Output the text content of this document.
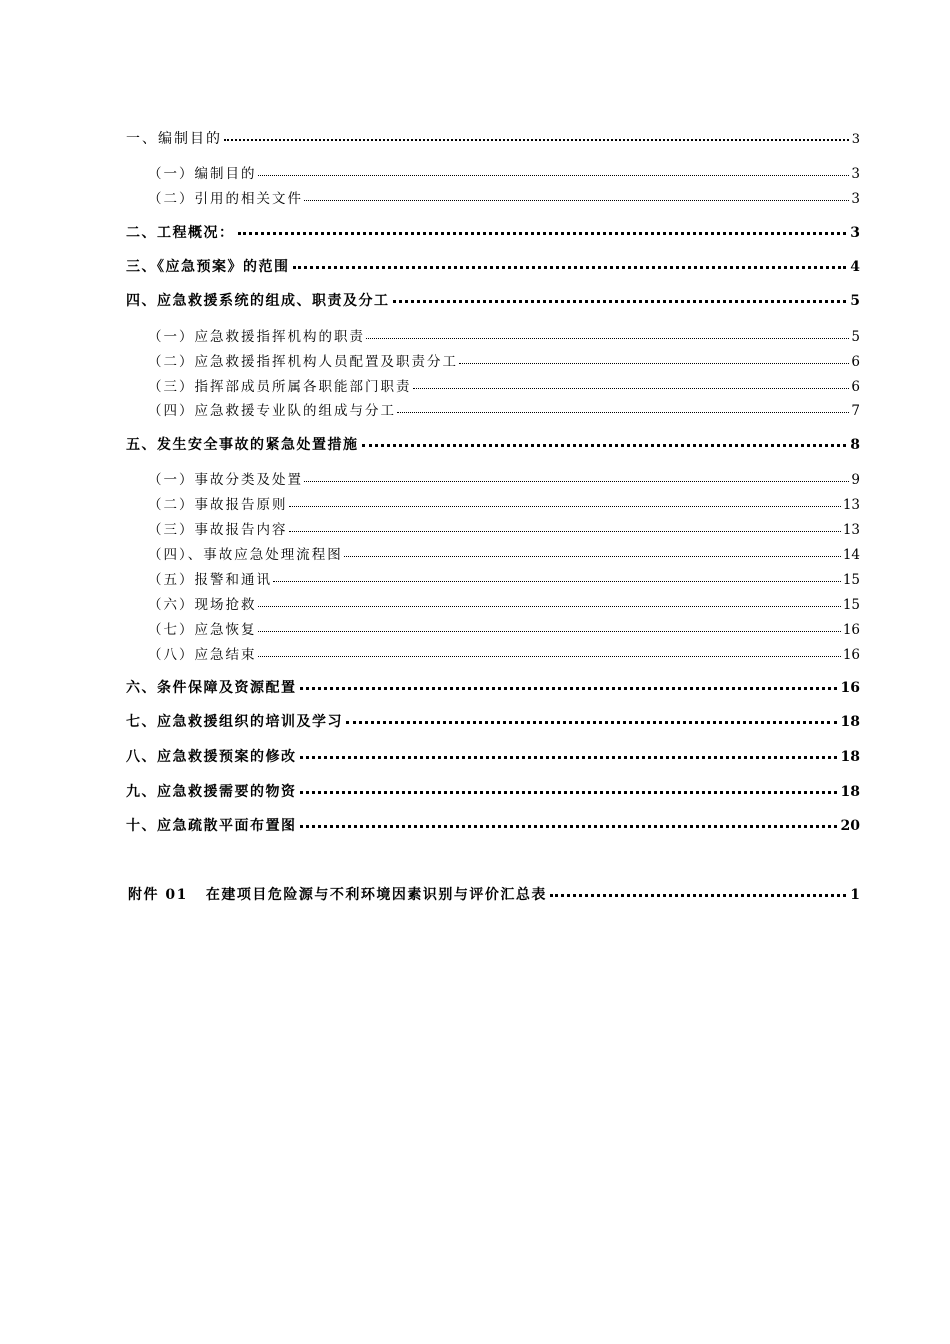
一、编制目的	3
（一）编制目的	3
（二）引用的相关文件	3
二、工程概况：	3
三、《应急预案》的范围	4
四、应急救援系统的组成、职责及分工	5
（一）应急救援指挥机构的职责	5
（二）应急救援指挥机构人员配置及职责分工	6
（三）指挥部成员所属各职能部门职责	6
（四）应急救援专业队的组成与分工	7
五、发生安全事故的紧急处置措施	8
（一）事故分类及处置	9
（二）事故报告原则	13
（三）事故报告内容	13
（四）、事故应急处理流程图	14
（五）报警和通讯	15
（六）现场抢救	15
（七）应急恢复	16
（八）应急结束	16
六、条件保障及资源配置	16
七、应急救援组织的培训及学习	18
八、应急救援预案的修改	18
九、应急救援需要的物资	18
十、应急疏散平面布置图	20
附件 01 在建项目危险源与不利环境因素识别与评价汇总表	1
